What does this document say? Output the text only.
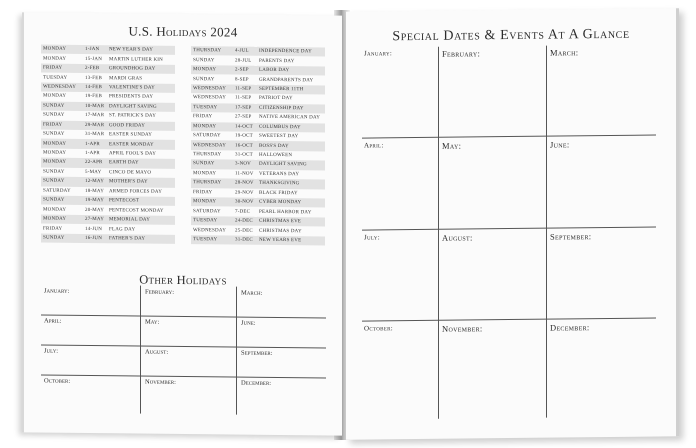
U.S. Holidays 2024
MONDAY	1-JAN	NEW YEAR'S DAY
MONDAY	15-JAN	MARTIN LUTHER KIN
FRIDAY	2-FEB	GROUNDHOG DAY
TUESDAY	13-FEB	MARDI GRAS
WEDNESDAY	14-FEB	VALENTINE'S DAY
MONDAY	19-FEB	PRESIDENTS DAY
SUNDAY	10-MAR	DAYLIGHT SAVING
SUNDAY	17-MAR	ST. PATRICK'S DAY
FRIDAY	29-MAR	GOOD FRIDAY
SUNDAY	31-MAR	EASTER SUNDAY
MONDAY	1-APR	EASTER MONDAY
MONDAY	1-APR	APRIL FOOL'S DAY
MONDAY	22-APR	EARTH DAY
SUNDAY	5-MAY	CINCO DE MAYO
SUNDAY	12-MAY	MOTHER'S DAY
SATURDAY	18-MAY	ARMED FORCES DAY
SUNDAY	19-MAY	PENTECOST
MONDAY	20-MAY	PENTECOST MONDAY
MONDAY	27-MAY	MEMORIAL DAY
FRIDAY	14-JUN	FLAG DAY
SUNDAY	16-JUN	FATHER'S DAY
THURSDAY	4-JUL	INDEPENDENCE DAY
SUNDAY	28-JUL	PARENTS DAY
MONDAY	2-SEP	LABOR DAY
SUNDAY	8-SEP	GRANDPARENTS DAY
WEDNESDAY	11-SEP	SEPTEMBER 11TH
WEDNESDAY	11-SEP	PATRIOT DAY
TUESDAY	17-SEP	CITIZENSHIP DAY
FRIDAY	27-SEP	NATIVE AMERICAN DAY
MONDAY	14-OCT	COLUMBUS DAY
SATURDAY	19-OCT	SWEETEST DAY
WEDNESDAY	16-OCT	BOSS'S DAY
THURSDAY	31-OCT	HALLOWEEN
SUNDAY	3-NOV	DAYLIGHT SAVING
MONDAY	11-NOV	VETERANS DAY
THURSDAY	28-NOV	THANKSGIVING
FRIDAY	29-NOV	BLACK FRIDAY
MONDAY	30-NOV	CYBER MONDAY
SATURDAY	7-DEC	PEARL HARBOR DAY
TUESDAY	24-DEC	CHRISTMAS EVE
WEDNESDAY	25-DEC	CHRISTMAS DAY
TUESDAY	31-DEC	NEW YEARS EVE
Other Holidays
January:	February:	March:
April:	May:	June:
July:	August:	September:
October:	November:	December:
Special Dates & Events At A Glance
January:	February:	March:
April:	May:	June:
July:	August:	September:
October:	November:	December:
